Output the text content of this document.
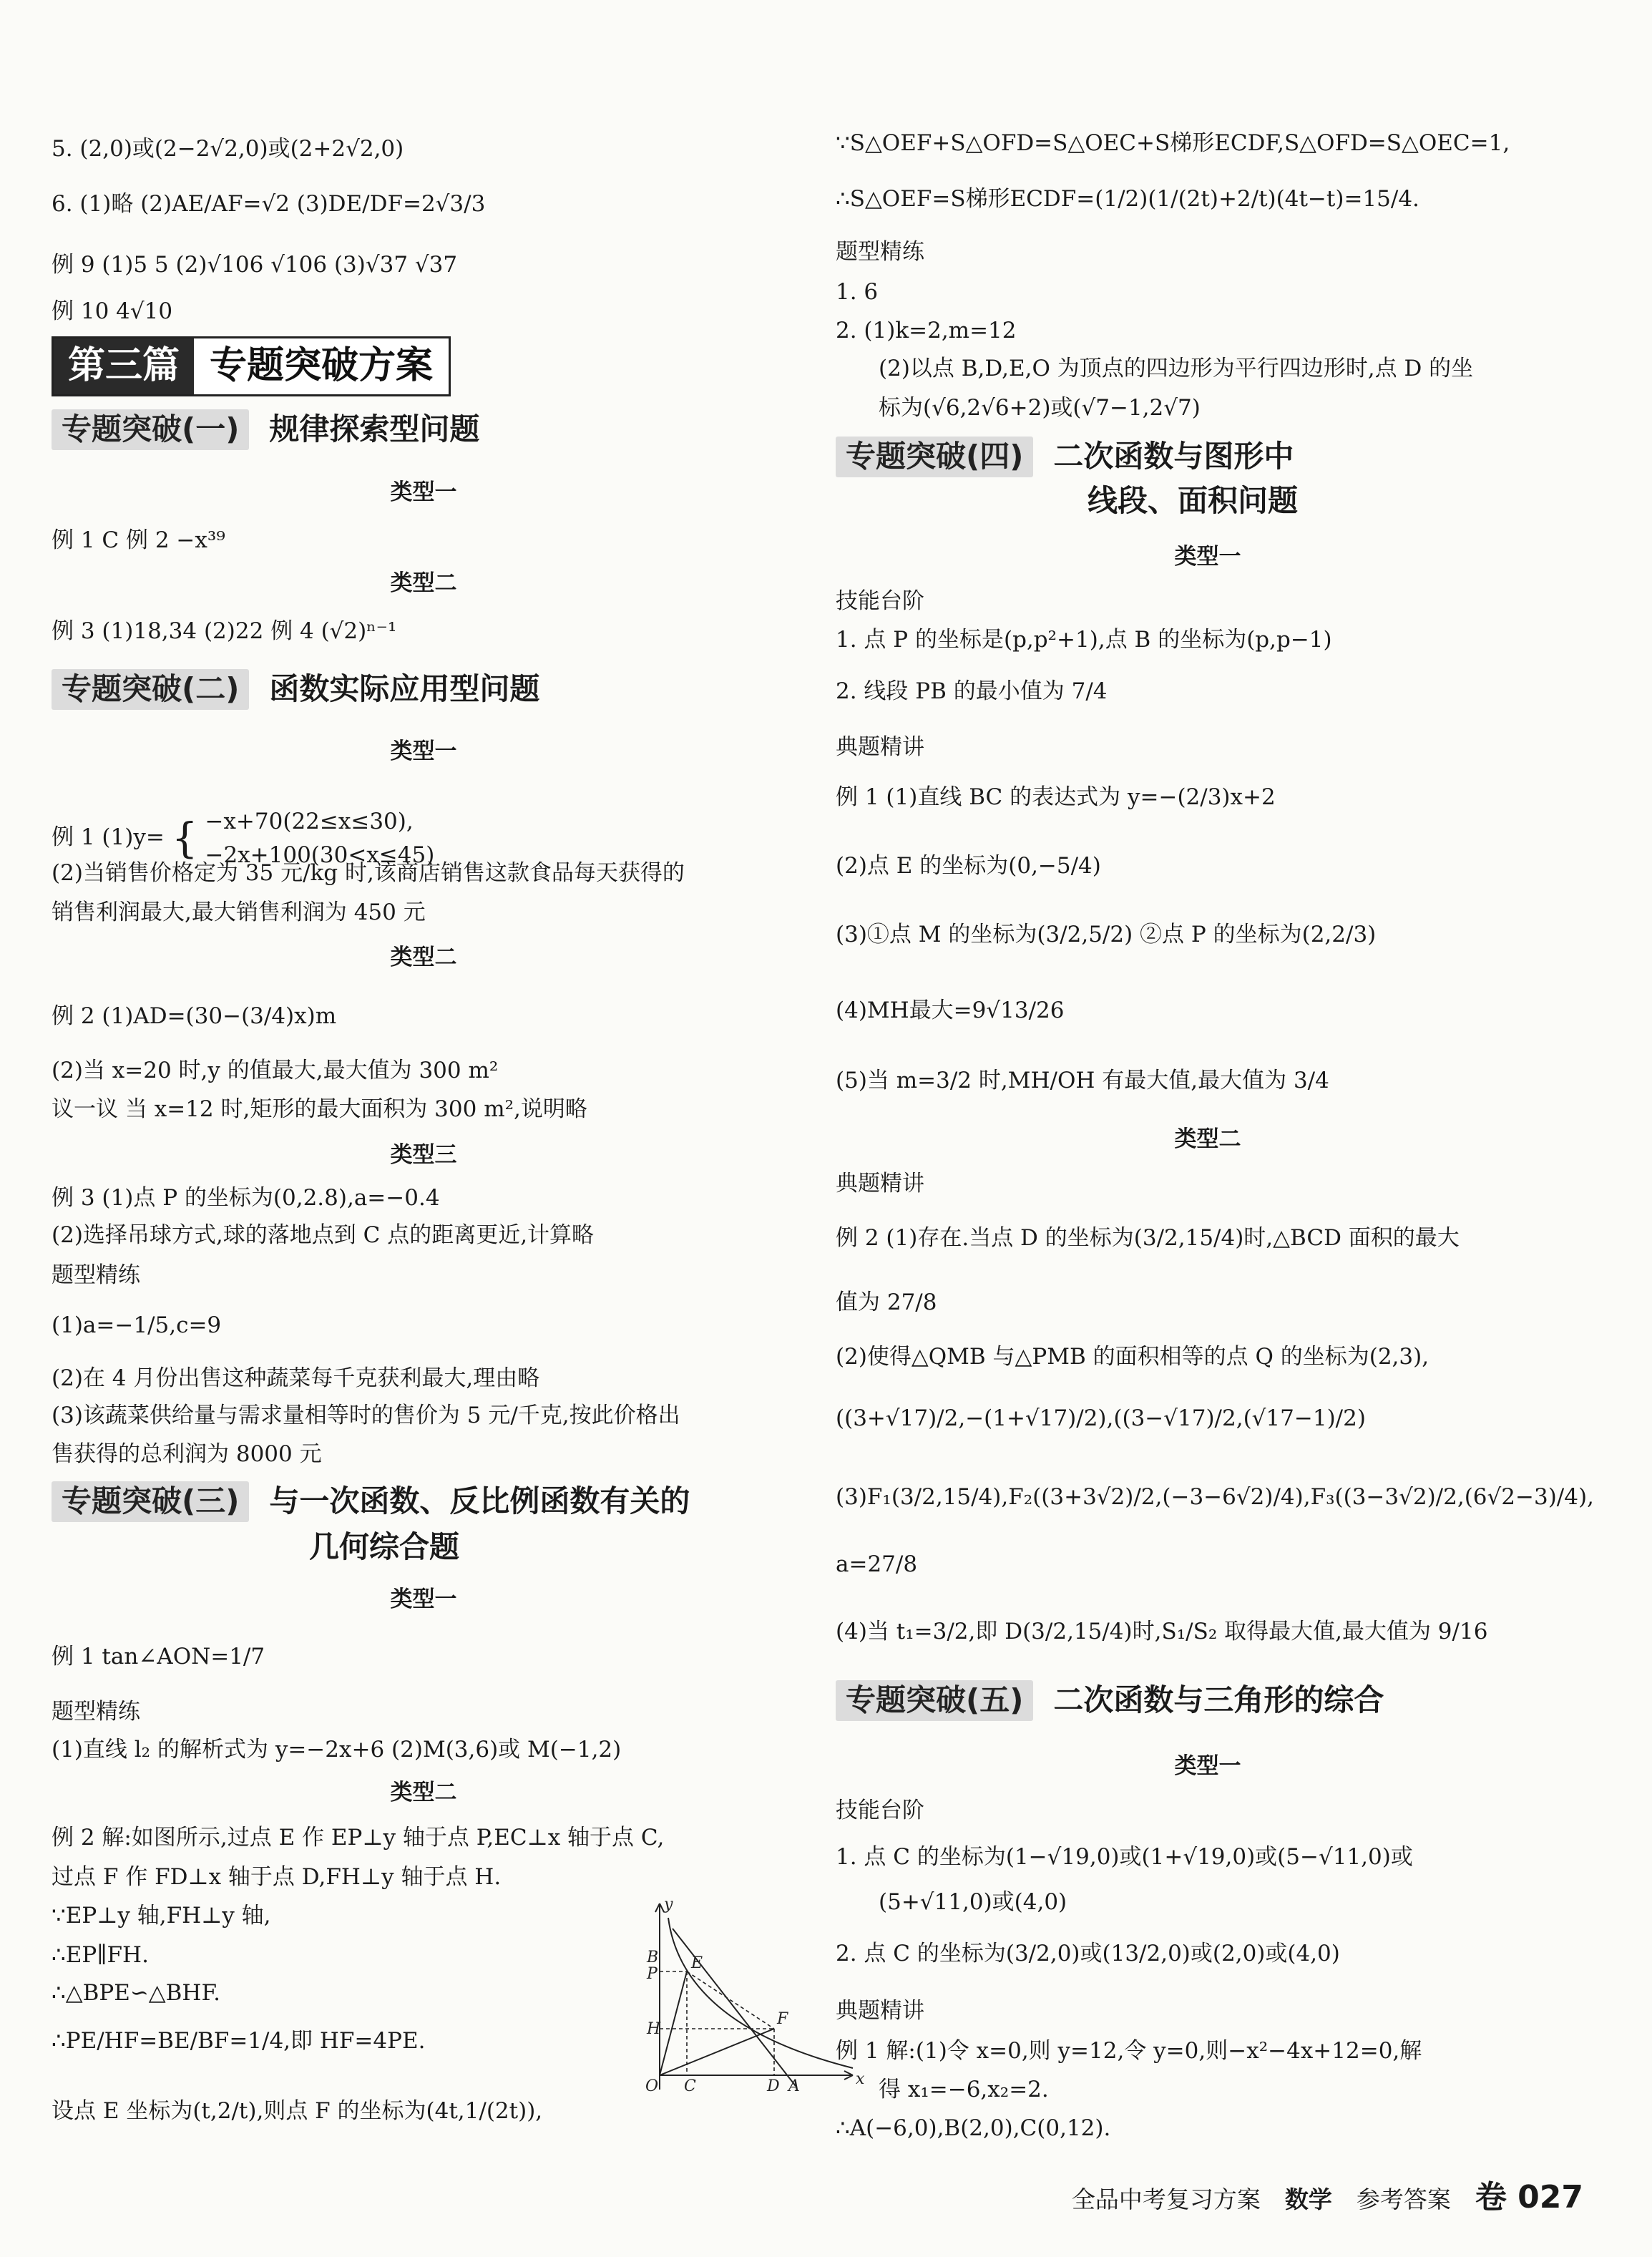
5. (2,0)或(2−2√2,0)或(2+2√2,0)
6. (1)略 (2)AE/AF=√2 (3)DE/DF=2√3/3
例 9 (1)5 5 (2)√106 √106 (3)√37 √37
例 10 4√10
第三篇 专题突破方案
专题突破(一) 规律探索型问题
类型一
例 1 C 例 2 −x³⁹
类型二
例 3 (1)18,34 (2)22 例 4 (√2)ⁿ⁻¹
专题突破(二) 函数实际应用型问题
类型一
例 1 (1)y= { −x+70(22≤x≤30),
−2x+100(30<x≤45)
(2)当销售价格定为 35 元/kg 时,该商店销售这款食品每天获得的
销售利润最大,最大销售利润为 450 元
类型二
例 2 (1)AD=(30−(3/4)x)m
(2)当 x=20 时,y 的值最大,最大值为 300 m²
议一议 当 x=12 时,矩形的最大面积为 300 m²,说明略
类型三
例 3 (1)点 P 的坐标为(0,2.8),a=−0.4
(2)选择吊球方式,球的落地点到 C 点的距离更近,计算略
题型精练
(1)a=−1/5,c=9
(2)在 4 月份出售这种蔬菜每千克获利最大,理由略
(3)该蔬菜供给量与需求量相等时的售价为 5 元/千克,按此价格出
售获得的总利润为 8000 元
专题突破(三) 与一次函数、反比例函数有关的
几何综合题
类型一
例 1 tan∠AON=1/7
题型精练
(1)直线 l₂ 的解析式为 y=−2x+6 (2)M(3,6)或 M(−1,2)
类型二
例 2 解:如图所示,过点 E 作 EP⊥y 轴于点 P,EC⊥x 轴于点 C,
过点 F 作 FD⊥x 轴于点 D,FH⊥y 轴于点 H.
∵EP⊥y 轴,FH⊥y 轴,
∴EP∥FH.
∴△BPE∽△BHF.
∴PE/HF=BE/BF=1/4,即 HF=4PE.
设点 E 坐标为(t,2/t),则点 F 的坐标为(4t,1/(2t)),
y
x
O
B
P
E
H
C
F
D A
∵S△OEF+S△OFD=S△OEC+S梯形ECDF,S△OFD=S△OEC=1,
∴S△OEF=S梯形ECDF=(1/2)(1/(2t)+2/t)(4t−t)=15/4.
题型精练
1. 6
2. (1)k=2,m=12
(2)以点 B,D,E,O 为顶点的四边形为平行四边形时,点 D 的坐
标为(√6,2√6+2)或(√7−1,2√7)
专题突破(四) 二次函数与图形中
线段、面积问题
类型一
技能台阶
1. 点 P 的坐标是(p,p²+1),点 B 的坐标为(p,p−1)
2. 线段 PB 的最小值为 7/4
典题精讲
例 1 (1)直线 BC 的表达式为 y=−(2/3)x+2
(2)点 E 的坐标为(0,−5/4)
(3)①点 M 的坐标为(3/2,5/2) ②点 P 的坐标为(2,2/3)
(4)MH最大=9√13/26
(5)当 m=3/2 时,MH/OH 有最大值,最大值为 3/4
类型二
典题精讲
例 2 (1)存在.当点 D 的坐标为(3/2,15/4)时,△BCD 面积的最大
值为 27/8
(2)使得△QMB 与△PMB 的面积相等的点 Q 的坐标为(2,3),
((3+√17)/2,−(1+√17)/2),((3−√17)/2,(√17−1)/2)
(3)F₁(3/2,15/4),F₂((3+3√2)/2,(−3−6√2)/4),F₃((3−3√2)/2,(6√2−3)/4),
a=27/8
(4)当 t₁=3/2,即 D(3/2,15/4)时,S₁/S₂ 取得最大值,最大值为 9/16
专题突破(五) 二次函数与三角形的综合
类型一
技能台阶
1. 点 C 的坐标为(1−√19,0)或(1+√19,0)或(5−√11,0)或
(5+√11,0)或(4,0)
2. 点 C 的坐标为(3/2,0)或(13/2,0)或(2,0)或(4,0)
典题精讲
例 1 解:(1)令 x=0,则 y=12,令 y=0,则−x²−4x+12=0,解
得 x₁=−6,x₂=2.
∴A(−6,0),B(2,0),C(0,12).
全品中考复习方案 数学 参考答案 卷 027
